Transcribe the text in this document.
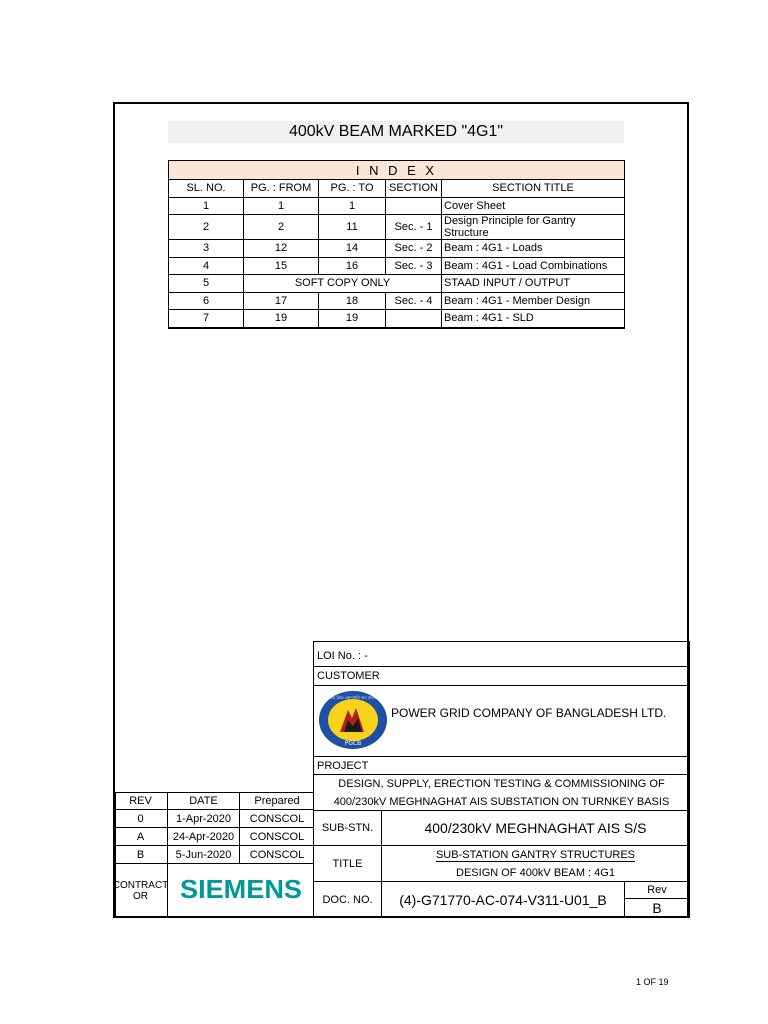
400kV BEAM MARKED "4G1"
I N D E X				
SL. NO.	PG. : FROM	PG. : TO	SECTION	SECTION TITLE
1	1	1		Cover Sheet
2	2	11	Sec. - 1	Design Principle for Gantry Structure
3	12	14	Sec. - 2	Beam : 4G1 - Loads
4	15	16	Sec. - 3	Beam : 4G1 - Load Combinations
5	SOFT COPY ONLY			STAAD INPUT / OUTPUT
6	17	18	Sec. - 4	Beam : 4G1 - Member Design
7	19	19		Beam : 4G1 - SLD
LOI No. : -
CUSTOMER
পাওয়ার গ্রিড কোম্পানি অব বাংলাদেশ
PGCB
POWER GRID COMPANY OF BANGLADESH LTD.
PROJECT
DESIGN, SUPPLY, ERECTION TESTING & COMMISSIONING OF
400/230kV MEGHNAGHAT AIS SUBSTATION ON TURNKEY BASIS
SUB-STN.	400/230kV MEGHNAGHAT AIS S/S
TITLE
SUB-STATION GANTRY STRUCTURES
DESIGN OF 400kV BEAM : 4G1
DOC. NO.	(4)-G71770-AC-074-V311-U01_B
Rev
B
REV	DATE	Prepared
0	1-Apr-2020	CONSCOL
A	24-Apr-2020	CONSCOL
B	5-Jun-2020	CONSCOL
CONTRACT
OR SIEMENS
1 OF 19
